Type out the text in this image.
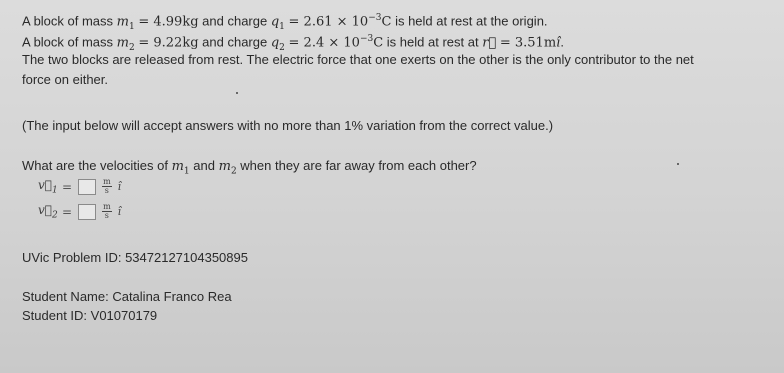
A block of mass $m_1 = 4.99kg$ and charge $q_1 = 2.61 \times 10^{-3}C$ is held at rest at the origin.
A block of mass $m_2 = 9.22kg$ and charge $q_2 = 2.4 \times 10^{-3}C$ is held at rest at r⃗ = 3.51mî.
The two blocks are released from rest. The electric force that one exerts on the other is the only contributor to the net
force on either.
(The input below will accept answers with no more than 1% variation from the correct value.)
What are the velocities of $m_1$ and $m_2$ when they are far away from each other?
$v⃗_1$ =	$\frac{m}{s}$ î
$v⃗_2$ =	$\frac{m}{s}$ î
UVic Problem ID: 53472127104350895
Student Name: Catalina Franco Rea
Student ID: V01070179
